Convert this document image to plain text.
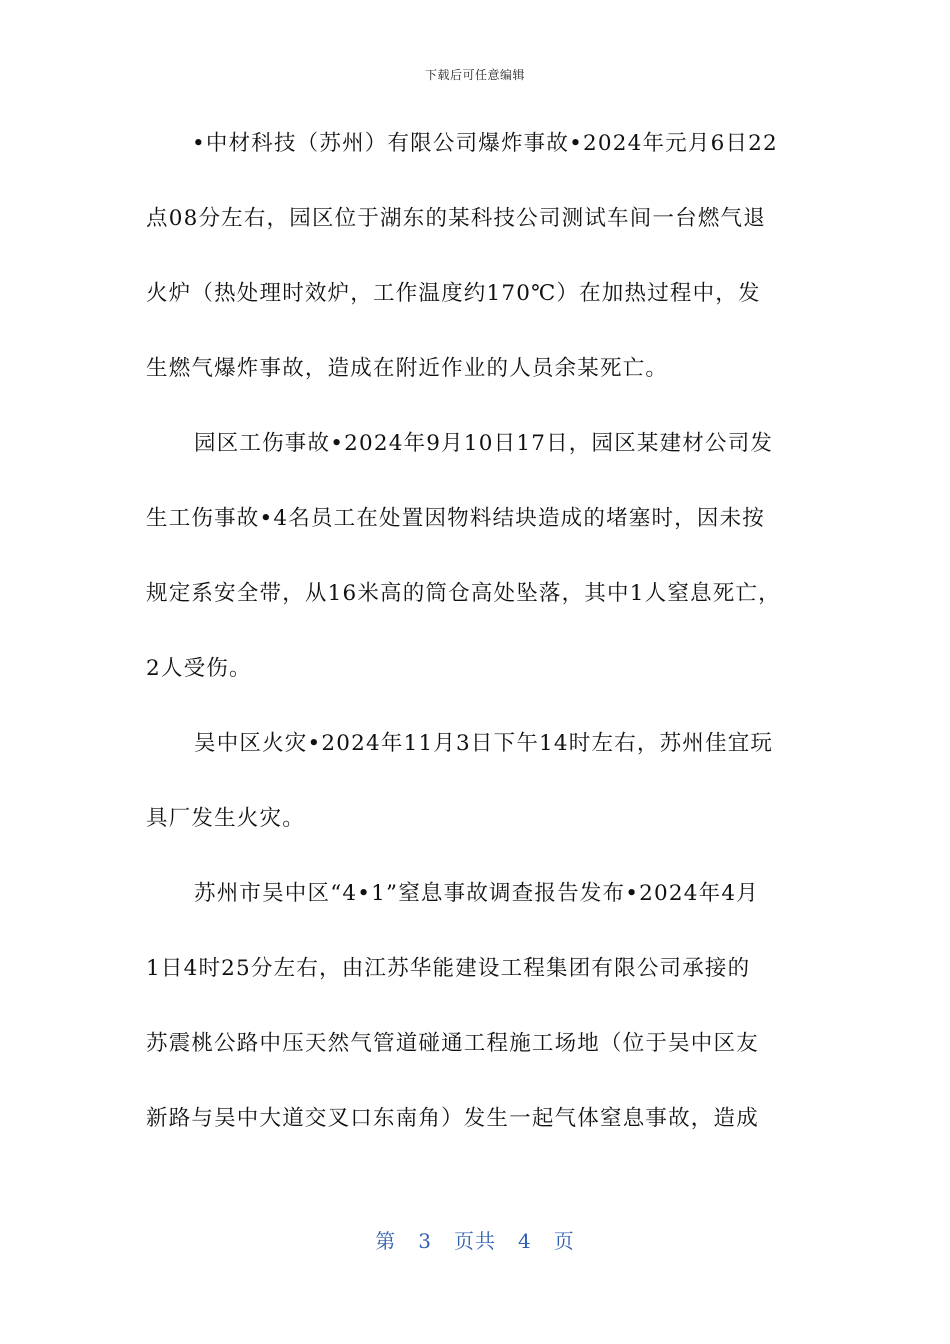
下载后可任意编辑

•中材科技（苏州）有限公司爆炸事故•2024年元月6日22
点08分左右，园区位于湖东的某科技公司测试车间一台燃气退
火炉（热处理时效炉，工作温度约170℃）在加热过程中，发
生燃气爆炸事故，造成在附近作业的人员余某死亡。

园区工伤事故•2024年9月10日17日，园区某建材公司发
生工伤事故•4名员工在处置因物料结块造成的堵塞时，因未按
规定系安全带，从16米高的筒仓高处坠落，其中1人窒息死亡，
2人受伤。

吴中区火灾•2024年11月3日下午14时左右，苏州佳宜玩
具厂发生火灾。

苏州市吴中区“4•1”窒息事故调查报告发布•2024年4月
1日4时25分左右，由江苏华能建设工程集团有限公司承接的
苏震桃公路中压天然气管道碰通工程施工场地（位于吴中区友
新路与吴中大道交叉口东南角）发生一起气体窒息事故，造成

第 3 页共 4 页
